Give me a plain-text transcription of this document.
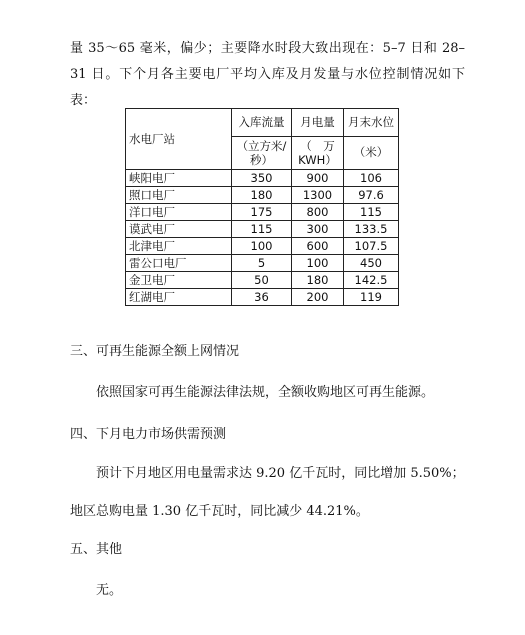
量 35～65 毫米，偏少；主要降水时段大致出现在：5–7 日和 28–31 日。下个月各主要电厂平均入库及月发量与水位控制情况如下表：

水电厂站	入库流量	月电量	月末水位

	（立方米/秒）	（　万 KWH）	（米）
峡阳电厂	350	900	106
照口电厂	180	1300	97.6
洋口电厂	175	800	115
谟武电厂	115	300	133.5
北津电厂	100	600	107.5
雷公口电厂	5	100	450
金卫电厂	50	180	142.5
红湖电厂	36	200	119

三、可再生能源全额上网情况

依照国家可再生能源法律法规，全额收购地区可再生能源。

四、下月电力市场供需预测

预计下月地区用电量需求达 9.20 亿千瓦时，同比增加 5.50%；地区总购电量 1.30 亿千瓦时，同比减少 44.21%。

五、其他

无。
